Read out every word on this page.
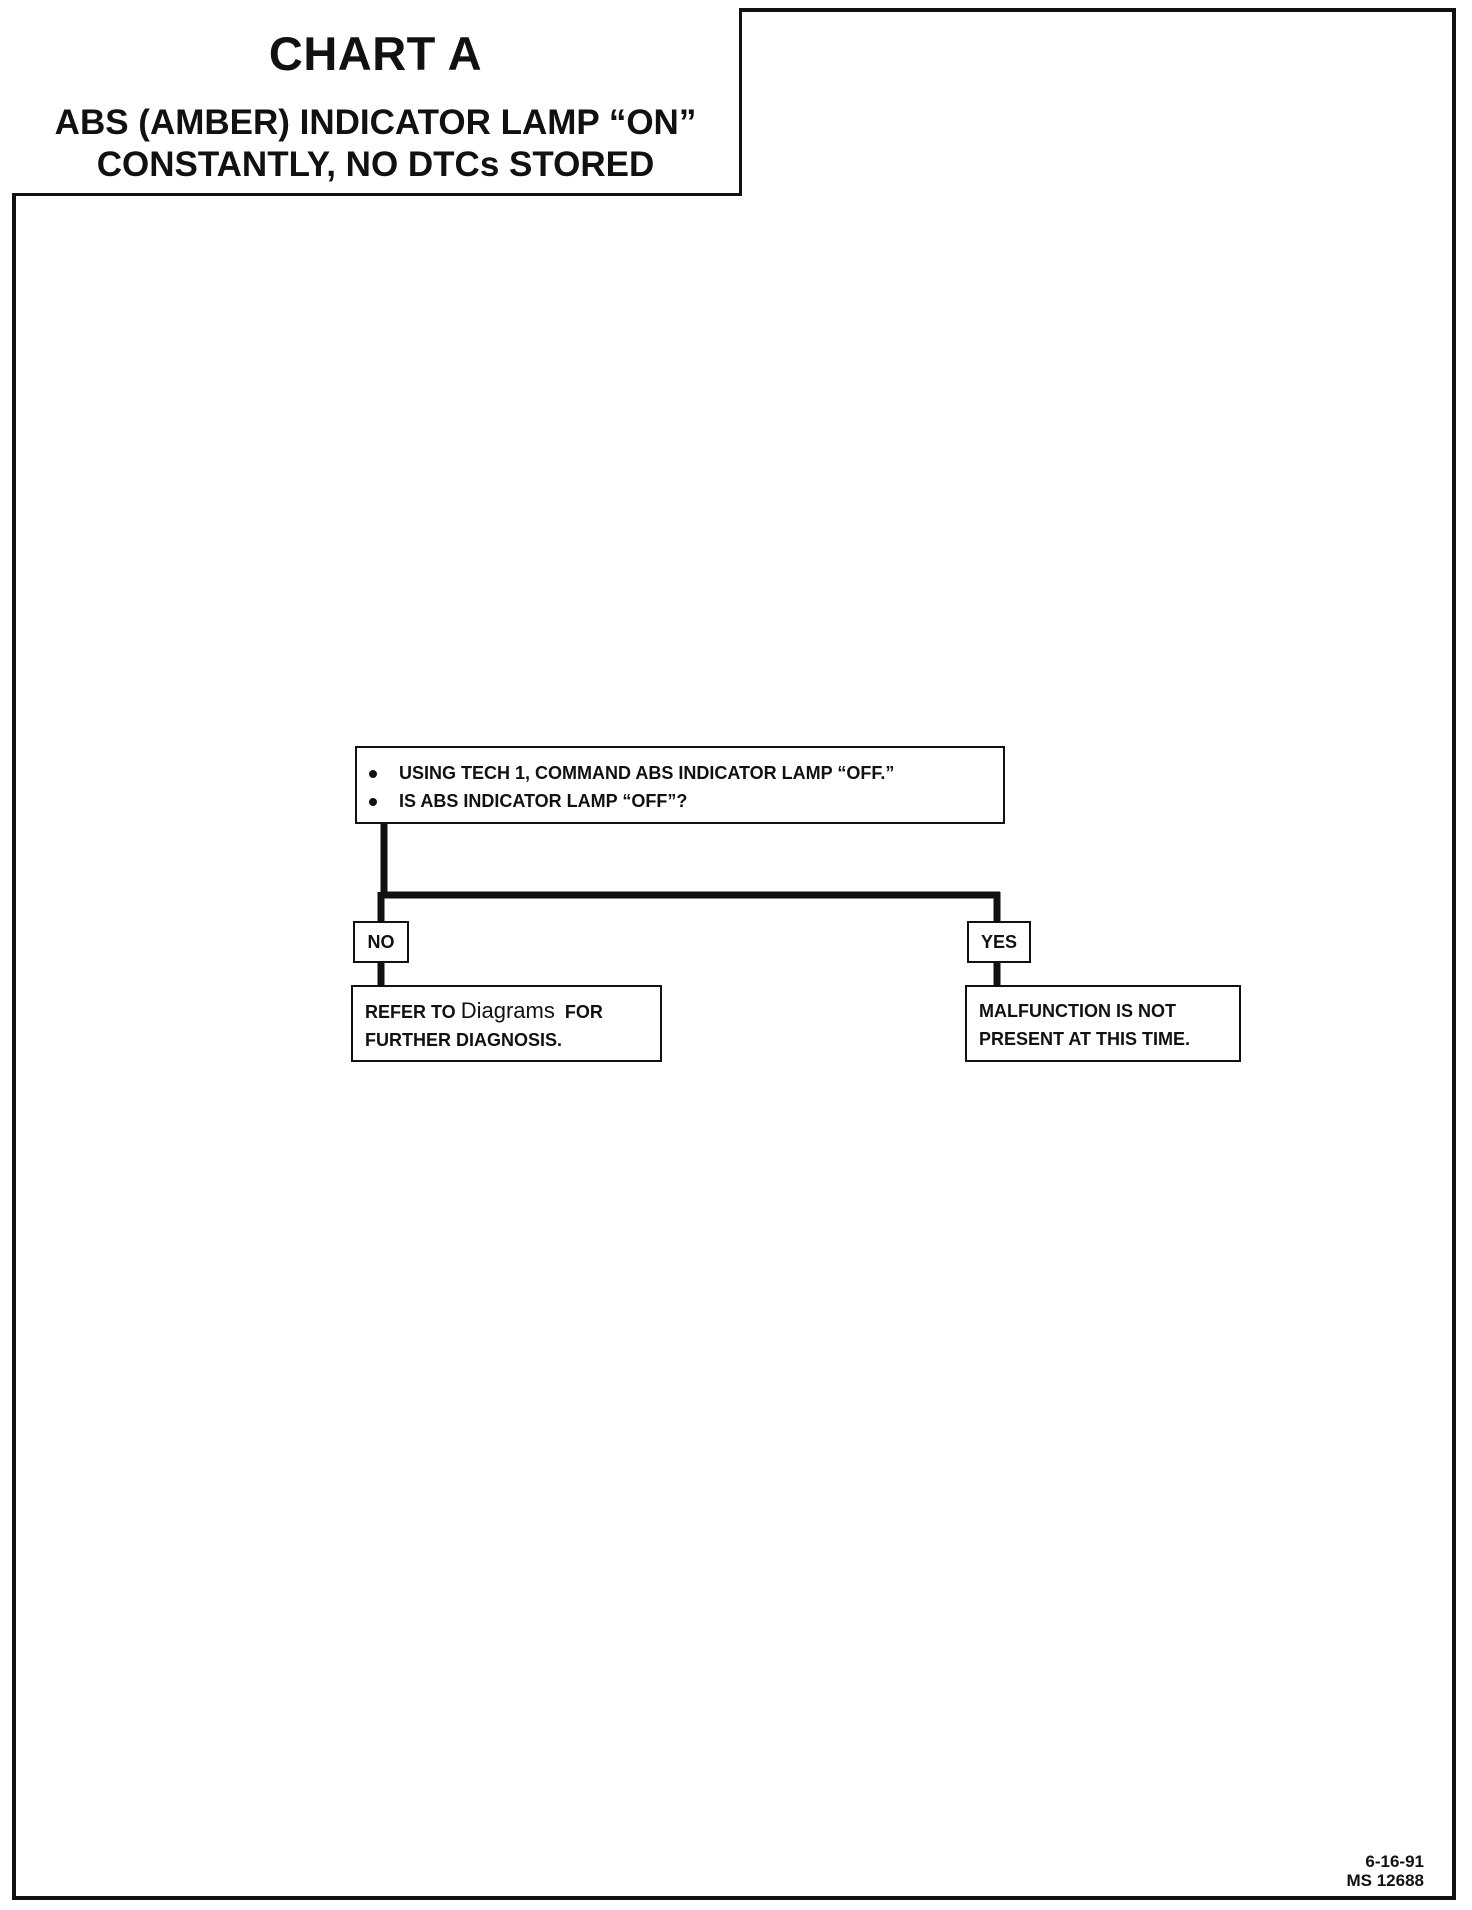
CHART A
ABS (AMBER) INDICATOR LAMP “ON”
CONSTANTLY, NO DTCs STORED
USING TECH 1, COMMAND ABS INDICATOR LAMP “OFF.”
IS ABS INDICATOR LAMP “OFF”?
NO	YES
REFER TO Diagrams FOR
FURTHER DIAGNOSIS.
MALFUNCTION IS NOT
PRESENT AT THIS TIME.
6-16-91
MS 12688
